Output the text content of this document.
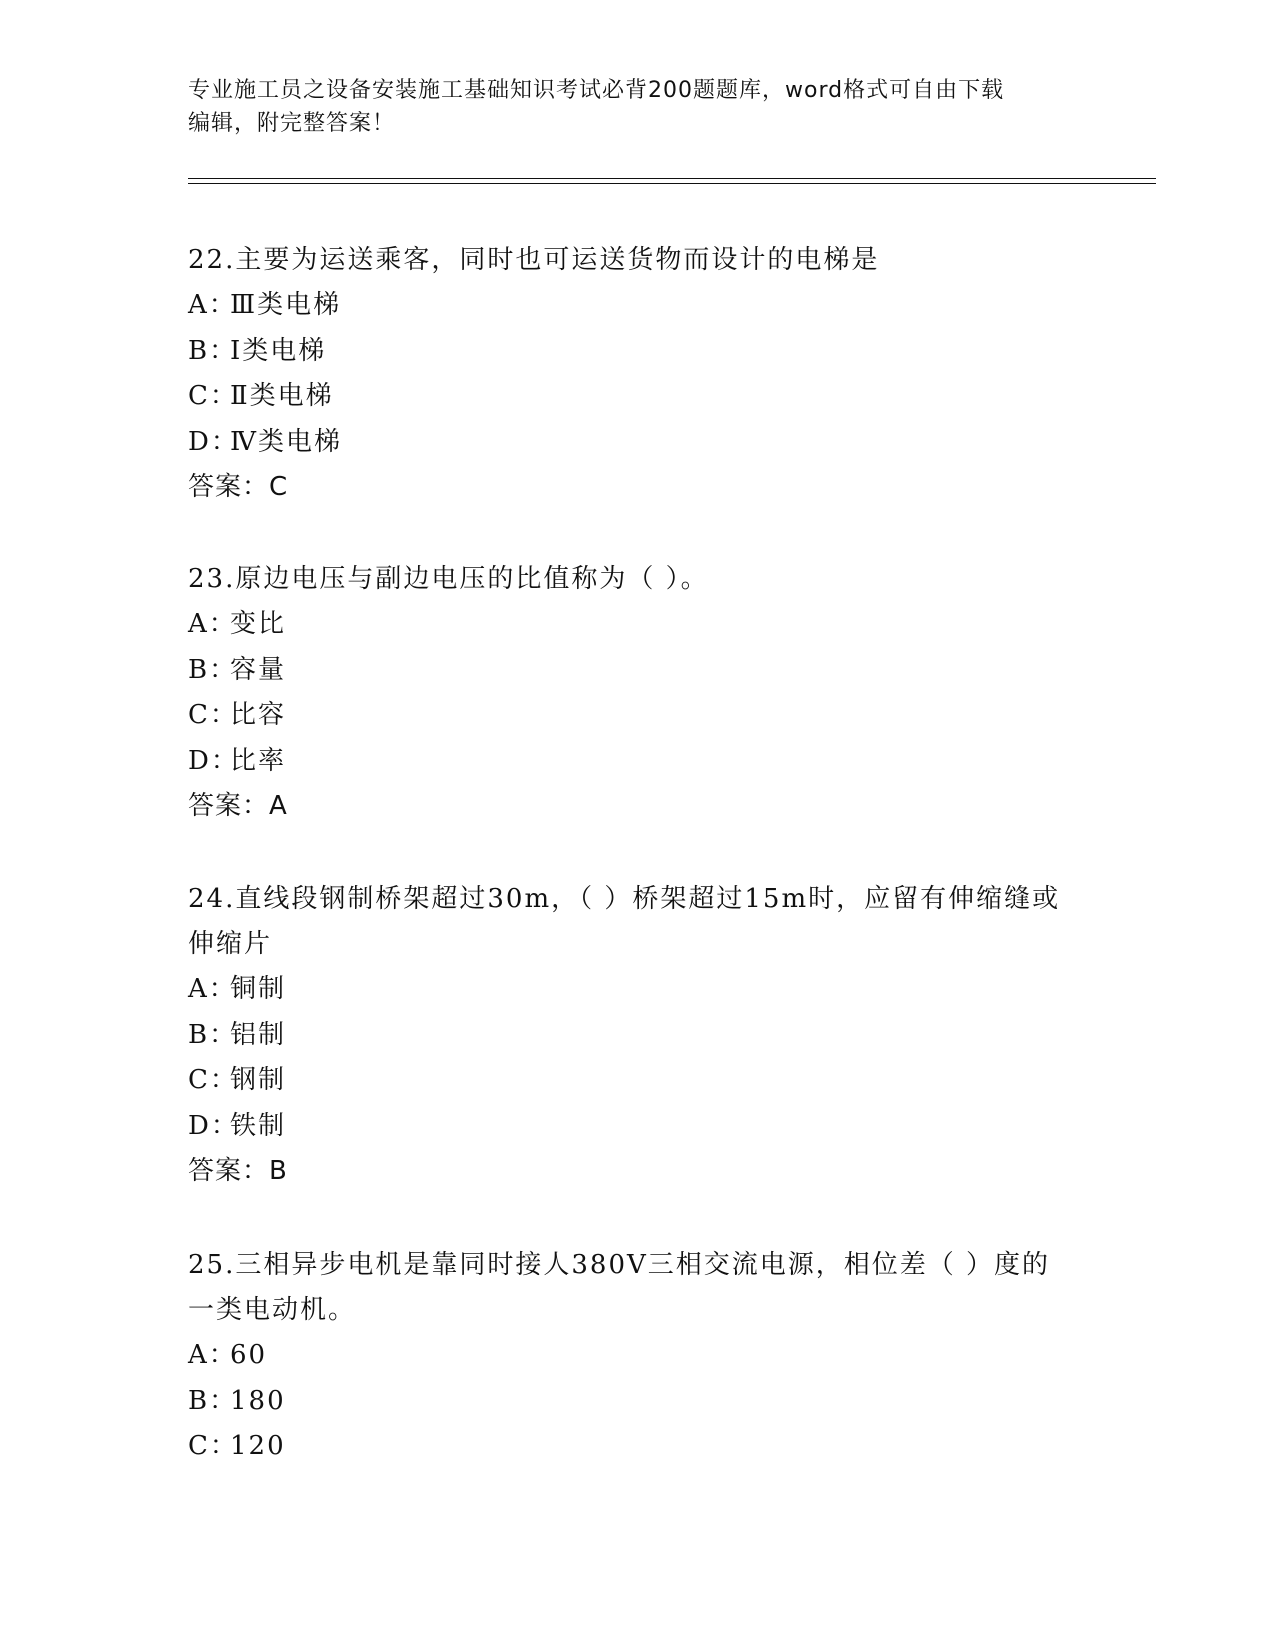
专业施工员之设备安装施工基础知识考试必背200题题库，word格式可自由下载
编辑，附完整答案！

22.主要为运送乘客，同时也可运送货物而设计的电梯是

A：Ⅲ类电梯

B：Ⅰ类电梯

C：Ⅱ类电梯

D：Ⅳ类电梯

答案：C

23.原边电压与副边电压的比值称为（ ）。

A：变比

B：容量

C：比容

D：比率

答案：A

24.直线段钢制桥架超过30m，（ ）桥架超过15m时，应留有伸缩缝或

伸缩片

A：铜制

B：铝制

C：钢制

D：铁制

答案：B

25.三相异步电机是靠同时接人380V三相交流电源，相位差（ ）度的

一类电动机。

A：60

B：180

C：120
